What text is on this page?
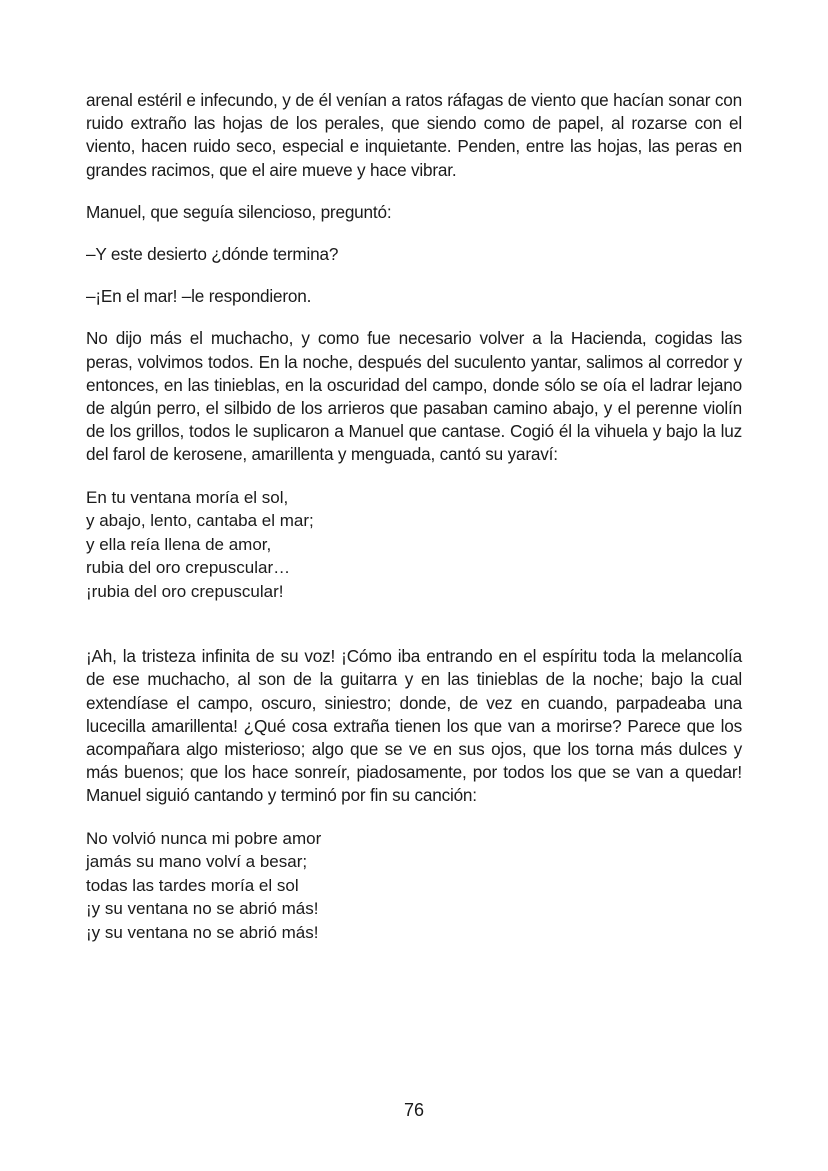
arenal estéril e infecundo, y de él venían a ratos ráfagas de viento que hacían sonar con ruido extraño las hojas de los perales, que siendo como de papel, al rozarse con el viento, hacen ruido seco, especial e inquietante. Penden, entre las hojas, las peras en grandes racimos, que el aire mueve y hace vibrar.

Manuel, que seguía silencioso, preguntó:

–Y este desierto ¿dónde termina?

–¡En el mar! –le respondieron.

No dijo más el muchacho, y como fue necesario volver a la Hacienda, cogidas las peras, volvimos todos. En la noche, después del suculento yantar, salimos al corredor y entonces, en las tinieblas, en la oscuridad del campo, donde sólo se oía el ladrar lejano de algún perro, el silbido de los arrieros que pasaban camino abajo, y el perenne violín de los grillos, todos le suplicaron a Manuel que cantase. Cogió él la vihuela y bajo la luz del farol de kerosene, amarillenta y menguada, cantó su yaraví:

En tu ventana moría el sol,
y abajo, lento, cantaba el mar;
y ella reía llena de amor,
rubia del oro crepuscular…
¡rubia del oro crepuscular!

¡Ah, la tristeza infinita de su voz! ¡Cómo iba entrando en el espíritu toda la melancolía de ese muchacho, al son de la guitarra y en las tinieblas de la noche; bajo la cual extendíase el campo, oscuro, siniestro; donde, de vez en cuando, parpadeaba una lucecilla amarillenta! ¿Qué cosa extraña tienen los que van a morirse? Parece que los acompañara algo misterioso; algo que se ve en sus ojos, que los torna más dulces y más buenos; que los hace sonreír, piadosamente, por todos los que se van a quedar! Manuel siguió cantando y terminó por fin su canción:

No volvió nunca mi pobre amor
jamás su mano volví a besar;
todas las tardes moría el sol
¡y su ventana no se abrió más!
¡y su ventana no se abrió más!
76
